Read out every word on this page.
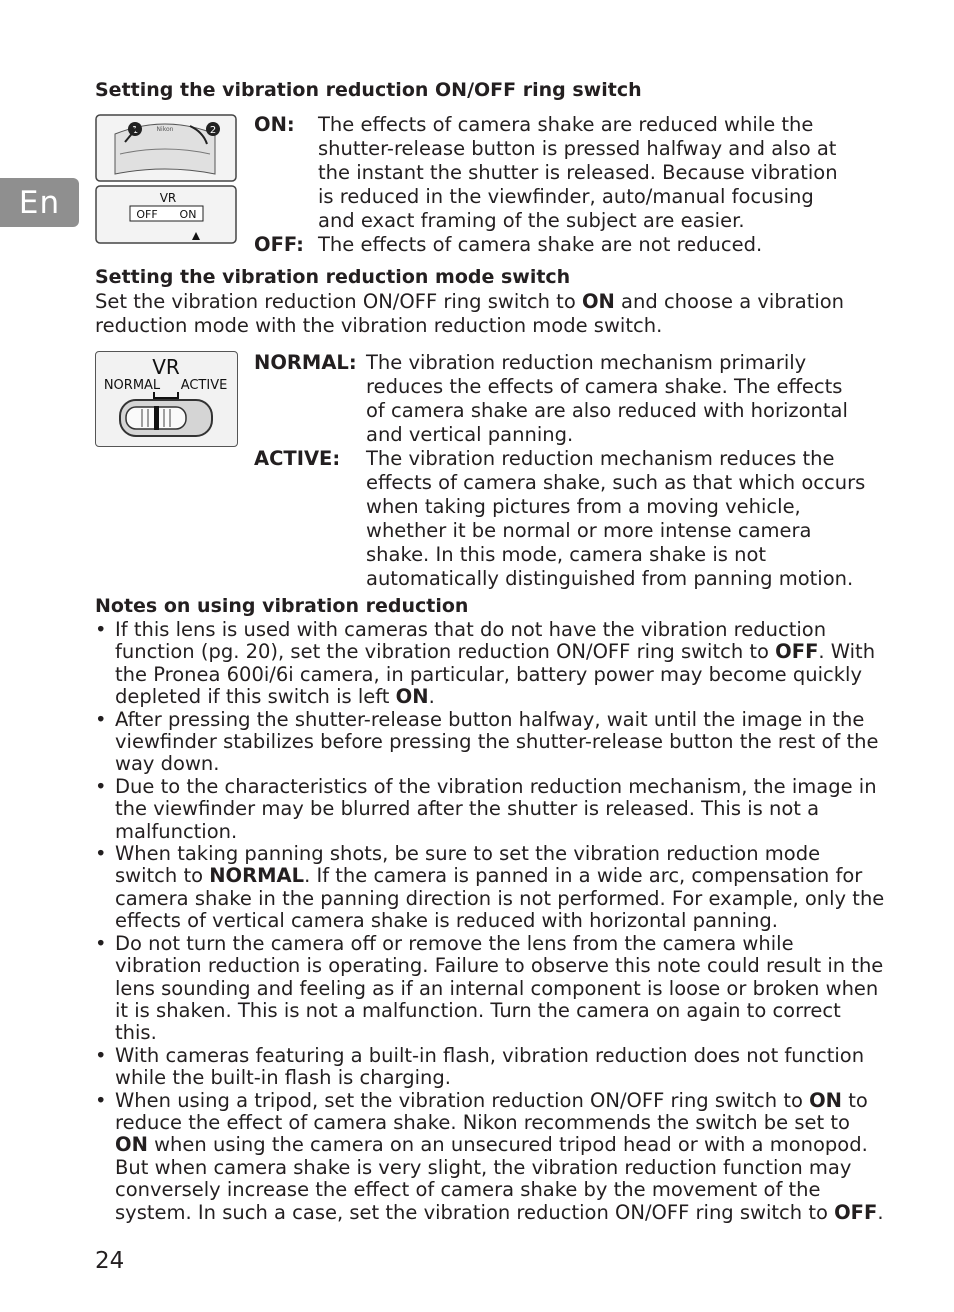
En
Setting the vibration reduction ON/OFF ring switch
1	2
Nikon
VR
OFF ON
ON:	The effects of camera shake are reduced while the shutter-release button is pressed halfway and also at the instant the shutter is released. Because vibration is reduced in the viewfinder, auto/manual focusing and exact framing of the subject are easier.
OFF: The effects of camera shake are not reduced.
Setting the vibration reduction mode switch
Set the vibration reduction ON/OFF ring switch to ON and choose a vibration reduction mode with the vibration reduction mode switch.
VR
NORMAL ACTIVE
NORMAL: The vibration reduction mechanism primarily reduces the effects of camera shake. The effects of camera shake are also reduced with horizontal and vertical panning.
ACTIVE:	The vibration reduction mechanism reduces the effects of camera shake, such as that which occurs when taking pictures from a moving vehicle, whether it be normal or more intense camera shake. In this mode, camera shake is not automatically distinguished from panning motion.
Notes on using vibration reduction
• If this lens is used with cameras that do not have the vibration reduction function (pg. 20), set the vibration reduction ON/OFF ring switch to OFF. With the Pronea 600i/6i camera, in particular, battery power may become quickly depleted if this switch is left ON.
• After pressing the shutter-release button halfway, wait until the image in the viewfinder stabilizes before pressing the shutter-release button the rest of the way down.
• Due to the characteristics of the vibration reduction mechanism, the image in the viewfinder may be blurred after the shutter is released. This is not a malfunction.
• When taking panning shots, be sure to set the vibration reduction mode switch to NORMAL. If the camera is panned in a wide arc, compensation for camera shake in the panning direction is not performed. For example, only the effects of vertical camera shake is reduced with horizontal panning.
• Do not turn the camera off or remove the lens from the camera while vibration reduction is operating. Failure to observe this note could result in the lens sounding and feeling as if an internal component is loose or broken when it is shaken. This is not a malfunction. Turn the camera on again to correct this.
• With cameras featuring a built-in flash, vibration reduction does not function while the built-in flash is charging.
• When using a tripod, set the vibration reduction ON/OFF ring switch to ON to reduce the effect of camera shake. Nikon recommends the switch be set to ON when using the camera on an unsecured tripod head or with a monopod. But when camera shake is very slight, the vibration reduction function may conversely increase the effect of camera shake by the movement of the system. In such a case, set the vibration reduction ON/OFF ring switch to OFF.
24
